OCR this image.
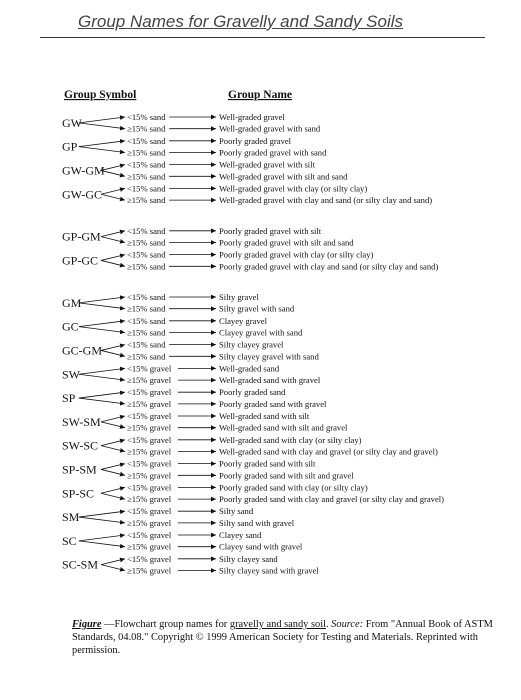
Group Names for Gravelly and Sandy Soils
Group Symbol	Group Name
GW	<15% sand	Well-graded gravel
≥15% sand	Well-graded gravel with sand
GP	<15% sand	Poorly graded gravel
≥15% sand	Poorly graded gravel with sand
GW-GM	<15% sand	Well-graded gravel with silt
≥15% sand	Well-graded gravel with silt and sand
GW-GC	<15% sand	Well-graded gravel with clay (or silty clay)
≥15% sand	Well-graded gravel with clay and sand (or silty clay and sand)
GP-GM	<15% sand	Poorly graded gravel with silt
≥15% sand	Poorly graded gravel with silt and sand
GP-GC	<15% sand	Poorly graded gravel with clay (or silty clay)
≥15% sand	Poorly graded gravel with clay and sand (or silty clay and sand)
GM	<15% sand	Silty gravel
≥15% sand	Silty gravel with sand
GC	<15% sand	Clayey gravel
≥15% sand	Clayey gravel with sand
GC-GM	<15% sand	Silty clayey gravel
≥15% sand	Silty clayey gravel with sand
SW	<15% gravel	Well-graded sand
≥15% gravel	Well-graded sand with gravel
SP	<15% gravel	Poorly graded sand
≥15% gravel	Poorly graded sand with gravel
SW-SM	<15% gravel	Well-graded sand with silt
≥15% gravel	Well-graded sand with silt and gravel
SW-SC	<15% gravel	Well-graded sand with clay (or silty clay)
≥15% gravel	Well-graded sand with clay and gravel (or silty clay and gravel)
SP-SM	<15% gravel	Poorly graded sand with silt
≥15% gravel	Poorly graded sand with silt and gravel
SP-SC	<15% gravel	Poorly graded sand with clay (or silty clay)
≥15% gravel	Poorly graded sand with clay and gravel (or silty clay and gravel)
SM	<15% gravel	Silty sand
≥15% gravel	Silty sand with gravel
SC	<15% gravel	Clayey sand
≥15% gravel	Clayey sand with gravel
SC-SM	<15% gravel	Silty clayey sand
≥15% gravel	Silty clayey sand with gravel
Figure —Flowchart group names for gravelly and sandy soil. Source: From "Annual Book of ASTM Standards, 04.08." Copyright © 1999 American Society for Testing and Materials. Reprinted with permission.
